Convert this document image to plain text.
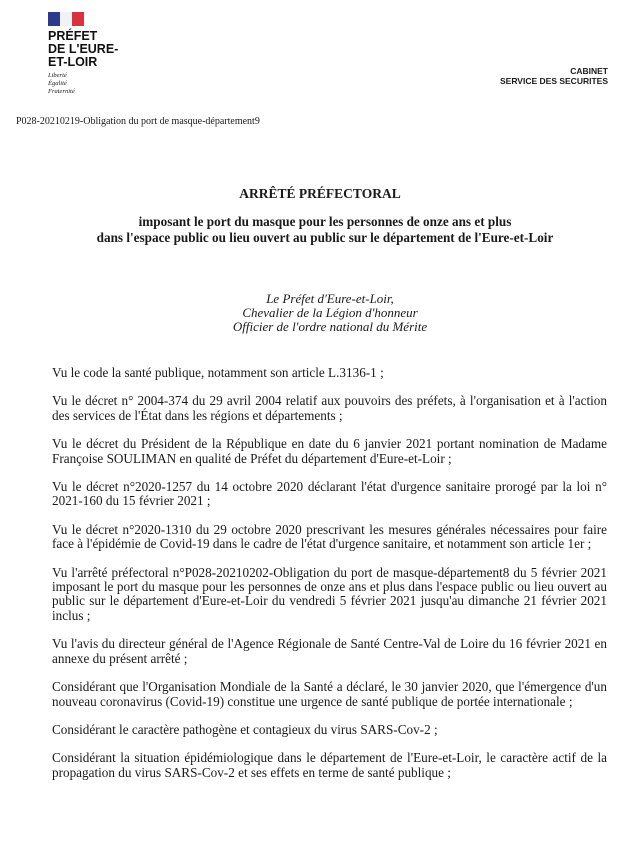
PRÉFET
DE L'EURE-
ET-LOIR
Liberté
Égalité
Fraternité
CABINET
SERVICE DES SECURITES
P028-20210219-Obligation du port de masque-département9
ARRÊTÉ PRÉFECTORAL
imposant le port du masque pour les personnes de onze ans et plus
dans l'espace public ou lieu ouvert au public sur le département de l'Eure-et-Loir
Le Préfet d'Eure-et-Loir,
Chevalier de la Légion d'honneur
Officier de l'ordre national du Mérite

Vu le code la santé publique, notamment son article L.3136-1 ;

Vu le décret n° 2004-374 du 29 avril 2004 relatif aux pouvoirs des préfets, à l'organisation et à l'action des services de l'État dans les régions et départements ;

Vu le décret du Président de la République en date du 6 janvier 2021 portant nomination de Madame Françoise SOULIMAN en qualité de Préfet du département d'Eure-et-Loir ;

Vu le décret n°2020-1257 du 14 octobre 2020 déclarant l'état d'urgence sanitaire prorogé par la loi n° 2021-160 du 15 février 2021 ;

Vu le décret n°2020-1310 du 29 octobre 2020 prescrivant les mesures générales nécessaires pour faire face à l'épidémie de Covid-19 dans le cadre de l'état d'urgence sanitaire, et notamment son article 1er ;

Vu l'arrêté préfectoral n°P028-20210202-Obligation du port de masque-département8 du 5 février 2021 imposant le port du masque pour les personnes de onze ans et plus dans l'espace public ou lieu ouvert au public sur le département d'Eure-et-Loir du vendredi 5 février 2021 jusqu'au dimanche 21 février 2021 inclus ;

Vu l'avis du directeur général de l'Agence Régionale de Santé Centre-Val de Loire du 16 février 2021 en annexe du présent arrêté ;

Considérant que l'Organisation Mondiale de la Santé a déclaré, le 30 janvier 2020, que l'émergence d'un nouveau coronavirus (Covid-19) constitue une urgence de santé publique de portée internationale ;

Considérant le caractère pathogène et contagieux du virus SARS-Cov-2 ;

Considérant la situation épidémiologique dans le département de l'Eure-et-Loir, le caractère actif de la propagation du virus SARS-Cov-2 et ses effets en terme de santé publique ;
